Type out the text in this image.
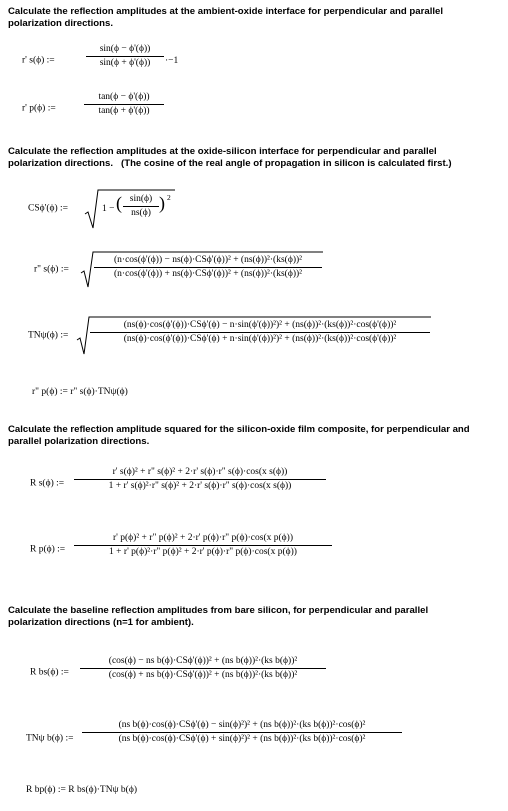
Calculate the reflection amplitudes at the ambient-oxide interface for perpendicular and parallel
polarization directions.
r' s(ϕ) :=
sin(ϕ − ϕ'(ϕ))
sin(ϕ + ϕ'(ϕ))	·−1
r' p(ϕ) :=
tan(ϕ − ϕ'(ϕ))
tan(ϕ + ϕ'(ϕ))
Calculate the reflection amplitudes at the oxide-silicon interface for perpendicular and parallel
polarization directions.   (The cosine of the real angle of propagation in silicon is calculated first.)
CSϕ'(ϕ) :=	1 − ( sin(ϕ)
ns(ϕ) ) 2
r" s(ϕ) :=
(n·cos(ϕ'(ϕ)) − ns(ϕ)·CSϕ'(ϕ))² + (ns(ϕ))²·(ks(ϕ))²
(n·cos(ϕ'(ϕ)) + ns(ϕ)·CSϕ'(ϕ))² + (ns(ϕ))²·(ks(ϕ))²
TNψ(ϕ) :=
(ns(ϕ)·cos(ϕ'(ϕ))·CSϕ'(ϕ) − n·sin(ϕ'(ϕ))²)² + (ns(ϕ))²·(ks(ϕ))²·cos(ϕ'(ϕ))²
(ns(ϕ)·cos(ϕ'(ϕ))·CSϕ'(ϕ) + n·sin(ϕ'(ϕ))²)² + (ns(ϕ))²·(ks(ϕ))²·cos(ϕ'(ϕ))²
r" p(ϕ) := r" s(ϕ)·TNψ(ϕ)
Calculate the reflection amplitude squared for the silicon-oxide film composite, for perpendicular and
parallel polarization directions.
R s(ϕ) :=
r' s(ϕ)² + r" s(ϕ)² + 2·r' s(ϕ)·r" s(ϕ)·cos(x s(ϕ))
1 + r' s(ϕ)²·r" s(ϕ)² + 2·r' s(ϕ)·r" s(ϕ)·cos(x s(ϕ))
R p(ϕ) :=
r' p(ϕ)² + r" p(ϕ)² + 2·r' p(ϕ)·r" p(ϕ)·cos(x p(ϕ))
1 + r' p(ϕ)²·r" p(ϕ)² + 2·r' p(ϕ)·r" p(ϕ)·cos(x p(ϕ))
Calculate the baseline reflection amplitudes from bare silicon, for perpendicular and parallel
polarization directions (n=1 for ambient).
R bs(ϕ) :=
(cos(ϕ) − ns b(ϕ)·CSϕ'(ϕ))² + (ns b(ϕ))²·(ks b(ϕ))²
(cos(ϕ) + ns b(ϕ)·CSϕ'(ϕ))² + (ns b(ϕ))²·(ks b(ϕ))²
TNψ b(ϕ) :=
(ns b(ϕ)·cos(ϕ)·CSϕ'(ϕ) − sin(ϕ)²)² + (ns b(ϕ))²·(ks b(ϕ))²·cos(ϕ)²
(ns b(ϕ)·cos(ϕ)·CSϕ'(ϕ) + sin(ϕ)²)² + (ns b(ϕ))²·(ks b(ϕ))²·cos(ϕ)²
R bp(ϕ) := R bs(ϕ)·TNψ b(ϕ)
